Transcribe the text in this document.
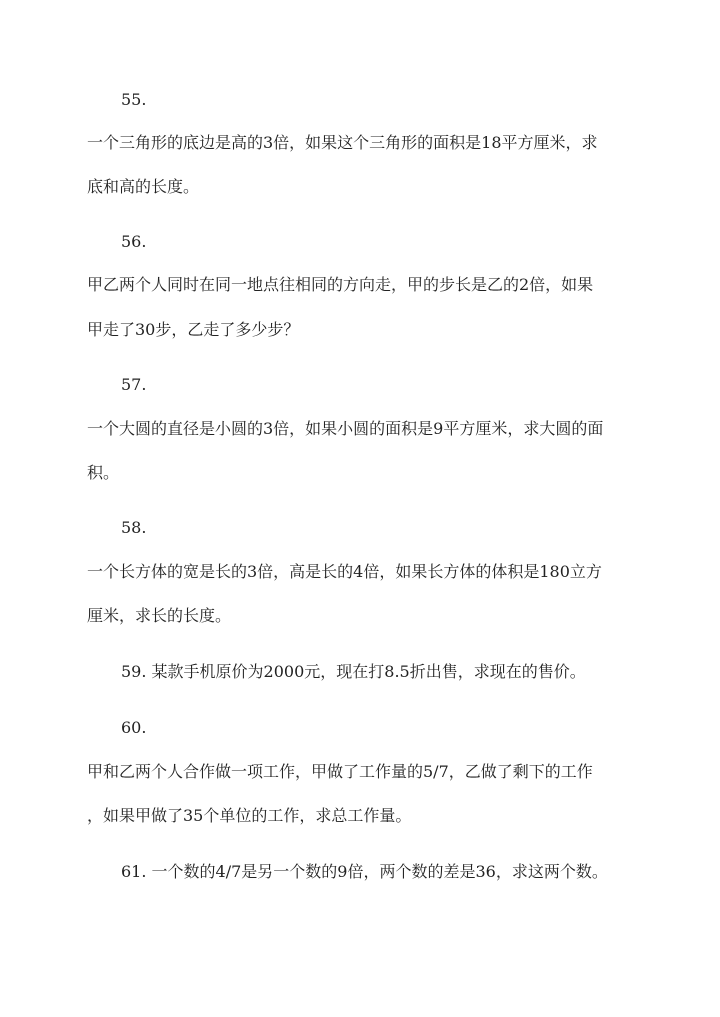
55.
一个三角形的底边是高的3倍，如果这个三角形的面积是18平方厘米，求
底和高的长度。
56.
甲乙两个人同时在同一地点往相同的方向走，甲的步长是乙的2倍，如果
甲走了30步，乙走了多少步？
57.
一个大圆的直径是小圆的3倍，如果小圆的面积是9平方厘米，求大圆的面
积。
58.
一个长方体的宽是长的3倍，高是长的4倍，如果长方体的体积是180立方
厘米，求长的长度。
59. 某款手机原价为2000元，现在打8.5折出售，求现在的售价。
60.
甲和乙两个人合作做一项工作，甲做了工作量的5/7，乙做了剩下的工作
，如果甲做了35个单位的工作，求总工作量。
61. 一个数的4/7是另一个数的9倍，两个数的差是36，求这两个数。
